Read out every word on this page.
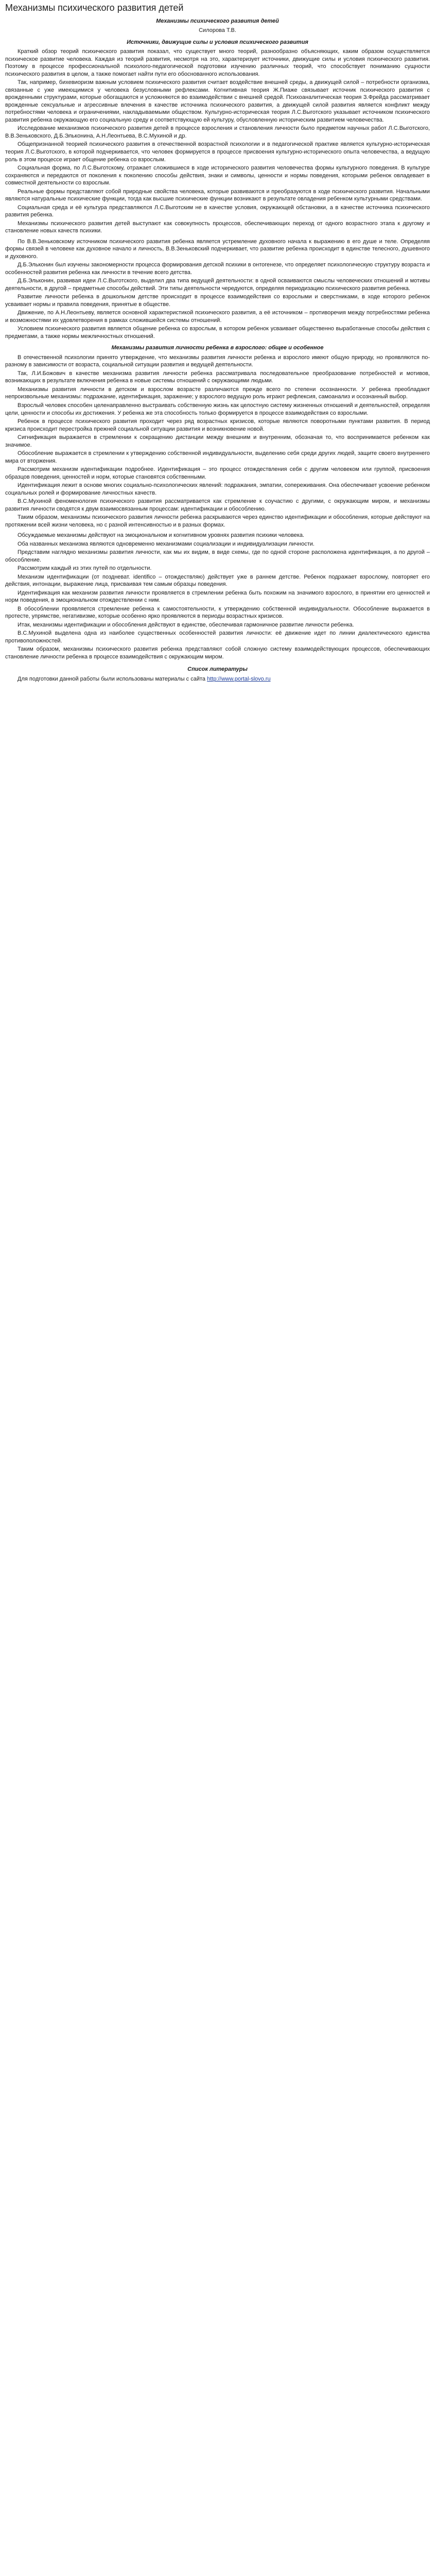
Механизмы психического развития детей
Механизмы психического развития детей
Силорова Т.В.
Источники, движущие силы и условия психического развития

Краткий обзор теорий психического развития показал, что существует много теорий, разнообразно объясняющих, каким образом осуществляется психическое развитие человека. Каждая из теорий развития, несмотря на это, характеризует источники, движущие силы и условия психического развития. Поэтому в процессе профессиональной психолого-педагогической подготовки изучению различных теорий, что способствует пониманию сущности психического развития в целом, а также помогает найти пути его обоснованного использования.

Так, например, бихевиоризм важным условием психического развития считает воздействие внешней среды, а движущей силой – потребности организма, связанные с уже имеющимися у человека безусловными рефлексами. Когнитивная теория Ж.Пиаже связывает источник психического развития с врожденными структурами, которые обогащаются и усложняются во взаимодействии с внешней средой. Психоаналитическая теория З.Фрейда рассматривает врожденные сексуальные и агрессивные влечения в качестве источника психического развития, а движущей силой развития является конфликт между потребностями человека и ограничениями, накладываемыми обществом. Культурно-историческая теория Л.С.Выготского указывает источником психического развития ребенка окружающую его социальную среду и соответствующую ей культуру, обусловленную историческим развитием человечества.

Исследование механизмов психического развития детей в процессе взросления и становления личности было предметом научных работ Л.С.Выготского, В.В.Зеньковского, Д.Б.Эльконина, А.Н.Леонтьева, В.С.Мухиной и др.

Общепризнанной теорией психического развития в отечественной возрастной психологии и в педагогической практике является культурно-историческая теория Л.С.Выготского, в которой подчеркивается, что человек формируется в процессе присвоения культурно-исторического опыта человечества, а ведущую роль в этом процессе играет общение ребенка со взрослым.

Социальная форма, по Л.С.Выготскому, отражает сложившиеся в ходе исторического развития человечества формы культурного поведения. В культуре сохраняются и передаются от поколения к поколению способы действия, знаки и символы, ценности и нормы поведения, которыми ребенок овладевает в совместной деятельности со взрослым.

Реальные формы представляют собой природные свойства человека, которые развиваются и преобразуются в ходе психического развития. Начальными являются натуральные психические функции, тогда как высшие психические функции возникают в результате овладения ребенком культурными средствами.

Социальная среда и её культура представляются Л.С.Выготским не в качестве условия, окружающей обстановки, а в качестве источника психического развития ребенка.

Механизмы психического развития детей выступают как совокупность процессов, обеспечивающих переход от одного возрастного этапа к другому и становление новых качеств психики.

По В.В.Зеньковскому источником психического развития ребенка является устремление духовного начала к выражению в его душе и теле. Определяя формы связей в человеке как духовное начало и личность, В.В.Зеньковский подчеркивает, что развитие ребенка происходит в единстве телесного, душевного и духовного.

Д.Б.Эльконин был изучены закономерности процесса формирования детской психики в онтогенезе, что определяет психологическую структуру возраста и особенностей развития ребенка как личности в течение всего детства.

Д.Б.Эльконин, развивая идеи Л.С.Выготского, выделил два типа ведущей деятельности: в одной осваиваются смыслы человеческих отношений и мотивы деятельности, в другой – предметные способы действий. Эти типы деятельности чередуются, определяя периодизацию психического развития ребенка.

Развитие личности ребенка в дошкольном детстве происходит в процессе взаимодействия со взрослыми и сверстниками, в ходе которого ребенок усваивает нормы и правила поведения, принятые в обществе.

Движение, по А.Н.Леонтьеву, является основной характеристикой психического развития, а её источником – противоречия между потребностями ребенка и возможностями их удовлетворения в рамках сложившейся системы отношений.

Условием психического развития является общение ребенка со взрослым, в котором ребенок усваивает общественно выработанные способы действия с предметами, а также нормы межличностных отношений.

Механизмы развития личности ребенка в взрослого: общее и особенное

В отечественной психологии принято утверждение, что механизмы развития личности ребенка и взрослого имеют общую природу, но проявляются по-разному в зависимости от возраста, социальной ситуации развития и ведущей деятельности.

Так, Л.И.Божович в качестве механизма развития личности ребенка рассматривала последовательное преобразование потребностей и мотивов, возникающих в результате включения ребенка в новые системы отношений с окружающими людьми.

Механизмы развития личности в детском и взрослом возрасте различаются прежде всего по степени осознанности. У ребенка преобладают непроизвольные механизмы: подражание, идентификация, заражение; у взрослого ведущую роль играют рефлексия, самоанализ и осознанный выбор.

Взрослый человек способен целенаправленно выстраивать собственную жизнь как целостную систему жизненных отношений и деятельностей, определяя цели, ценности и способы их достижения. У ребенка же эта способность только формируется в процессе взаимодействия со взрослыми.

Ребенок в процессе психического развития проходит через ряд возрастных кризисов, которые являются поворотными пунктами развития. В период кризиса происходит перестройка прежней социальной ситуации развития и возникновение новой.

Сигнификация выражается в стремлении к сокращению дистанции между внешним и внутренним, обозначая то, что воспринимается ребенком как значимое.

Обособление выражается в стремлении к утверждению собственной индивидуальности, выделению себя среди других людей, защите своего внутреннего мира от вторжения.

Рассмотрим механизм идентификации подробнее. Идентификация – это процесс отождествления себя с другим человеком или группой, присвоения образцов поведения, ценностей и норм, которые становятся собственными.

Идентификация лежит в основе многих социально-психологических явлений: подражания, эмпатии, сопереживания. Она обеспечивает усвоение ребенком социальных ролей и формирование личностных качеств.

В.С.Мухиной феноменология психического развития рассматривается как стремление к соучастию с другими, с окружающим миром, и механизмы развития личности сводятся к двум взаимосвязанным процессам: идентификации и обособлению.

Таким образом, механизмы психического развития личности ребенка раскрываются через единство идентификации и обособления, которые действуют на протяжении всей жизни человека, но с разной интенсивностью и в разных формах.

Обсуждаемые механизмы действуют на эмоциональном и когнитивном уровнях развития психики человека.

Оба названных механизма являются одновременно механизмами социализации и индивидуализации личности.

Представим наглядно механизмы развития личности, как мы их видим, в виде схемы, где по одной стороне расположена идентификация, а по другой – обособление.

Рассмотрим каждый из этих путей по отдельности.

Механизм идентификации (от поздневат. identifico – отождествляю) действует уже в раннем детстве. Ребенок подражает взрослому, повторяет его действия, интонации, выражение лица, присваивая тем самым образцы поведения.

Идентификация как механизм развития личности проявляется в стремлении ребенка быть похожим на значимого взрослого, в принятии его ценностей и норм поведения, в эмоциональном отождествлении с ним.

В обособлении проявляется стремление ребенка к самостоятельности, к утверждению собственной индивидуальности. Обособление выражается в протесте, упрямстве, негативизме, которые особенно ярко проявляются в периоды возрастных кризисов.

Итак, механизмы идентификации и обособления действуют в единстве, обеспечивая гармоничное развитие личности ребенка.

В.С.Мухиной выделена одна из наиболее существенных особенностей развития личности: её движение идет по линии диалектического единства противоположностей.

Таким образом, механизмы психического развития ребенка представляют собой сложную систему взаимодействующих процессов, обеспечивающих становление личности ребенка в процессе взаимодействия с окружающим миром.

Список литературы

Для подготовки данной работы были использованы материалы с сайта http://www.portal-slovo.ru
